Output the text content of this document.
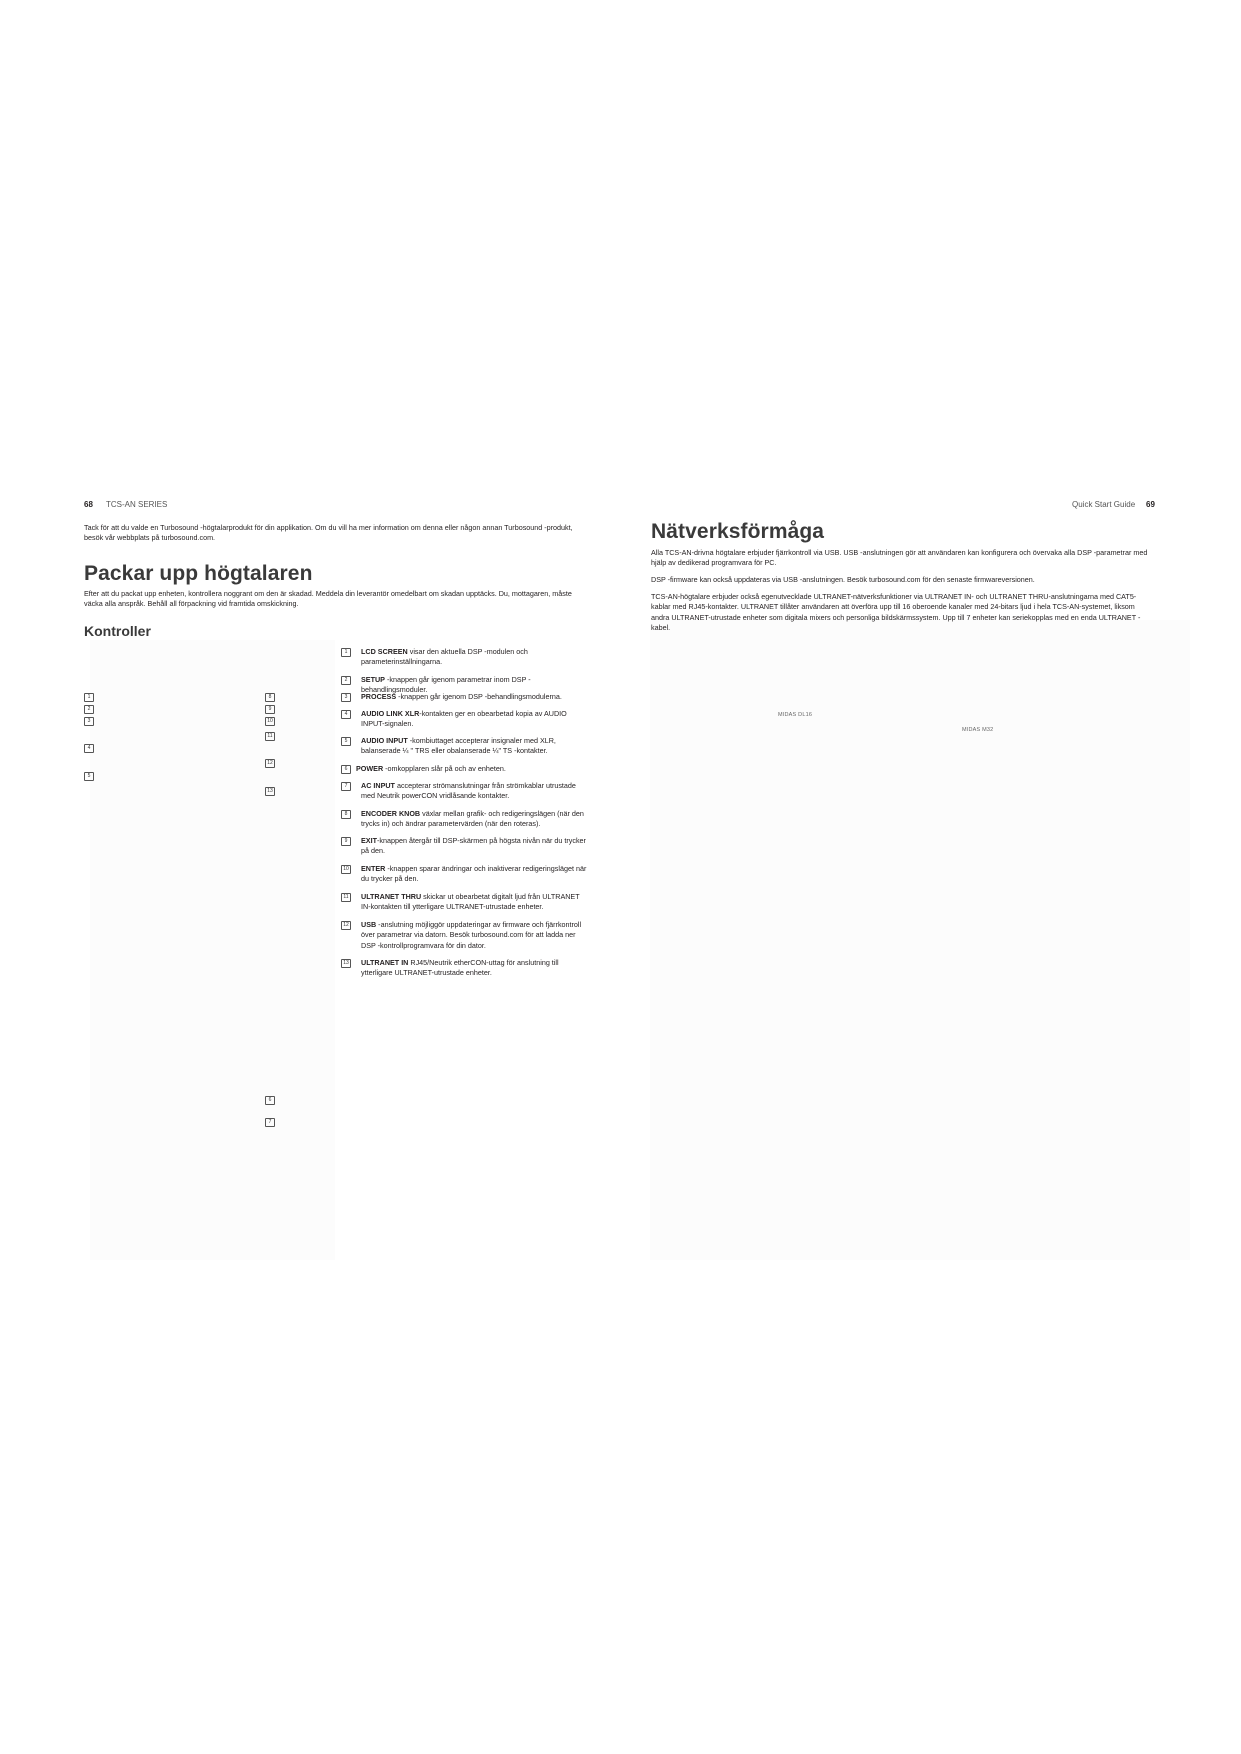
68 TCS-AN SERIES
Tack för att du valde en Turbosound -högtalarprodukt för din applikation. Om du vill ha mer information om denna eller någon annan Turbosound -produkt, besök vår webbplats på turbosound.com.
Packar upp högtalaren
Efter att du packat upp enheten, kontrollera noggrant om den är skadad. Meddela din leverantör omedelbart om skadan upptäcks. Du, mottagaren, måste väcka alla anspråk. Behåll all förpackning vid framtida omskickning.
Kontroller
1
2
3
4
5
8
9
10
11
12
13
6
7
1	LCD SCREEN visar den aktuella DSP -modulen och parameterinställningarna.
2	SETUP -knappen går igenom parametrar inom DSP -behandlingsmoduler.
3	PROCESS -knappen går igenom DSP -behandlingsmodulerna.
4	AUDIO LINK XLR-kontakten ger en obearbetad kopia av AUDIO INPUT-signalen.
5	AUDIO INPUT -kombiuttaget accepterar insignaler med XLR, balanserade ¼ " TRS eller obalanserade ¼" TS -kontakter.
6	POWER -omkopplaren slår på och av enheten.
7	AC INPUT accepterar strömanslutningar från strömkablar utrustade med Neutrik powerCON vridlåsande kontakter.
8	ENCODER KNOB växlar mellan grafik- och redigeringslägen (när den trycks in) och ändrar parametervärden (när den roteras).
9	EXIT-knappen återgår till DSP-skärmen på högsta nivån när du trycker på den.
10	ENTER -knappen sparar ändringar och inaktiverar redigeringsläget när du trycker på den.
11	ULTRANET THRU skickar ut obearbetat digitalt ljud från ULTRANET IN-kontakten till ytterligare ULTRANET-utrustade enheter.
12	USB -anslutning möjliggör uppdateringar av firmware och fjärrkontroll över parametrar via datorn. Besök turbosound.com för att ladda ner DSP -kontrollprogramvara för din dator.
13	ULTRANET IN RJ45/Neutrik etherCON-uttag för anslutning till ytterligare ULTRANET-utrustade enheter.
Quick Start Guide 69
Nätverksförmåga
Alla TCS-AN-drivna högtalare erbjuder fjärrkontroll via USB. USB -anslutningen gör att användaren kan konfigurera och övervaka alla DSP -parametrar med hjälp av dedikerad programvara för PC.
DSP -firmware kan också uppdateras via USB -anslutningen. Besök turbosound.com för den senaste firmwareversionen.
TCS-AN-högtalare erbjuder också egenutvecklade ULTRANET-nätverksfunktioner via ULTRANET IN- och ULTRANET THRU-anslutningarna med CAT5-kablar med RJ45-kontakter. ULTRANET tillåter användaren att överföra upp till 16 oberoende kanaler med 24-bitars ljud i hela TCS-AN-systemet, liksom andra ULTRANET-utrustade enheter som digitala mixers och personliga bildskärmssystem. Upp till 7 enheter kan seriekopplas med en enda ULTRANET -kabel.
MIDAS DL16
MIDAS M32
